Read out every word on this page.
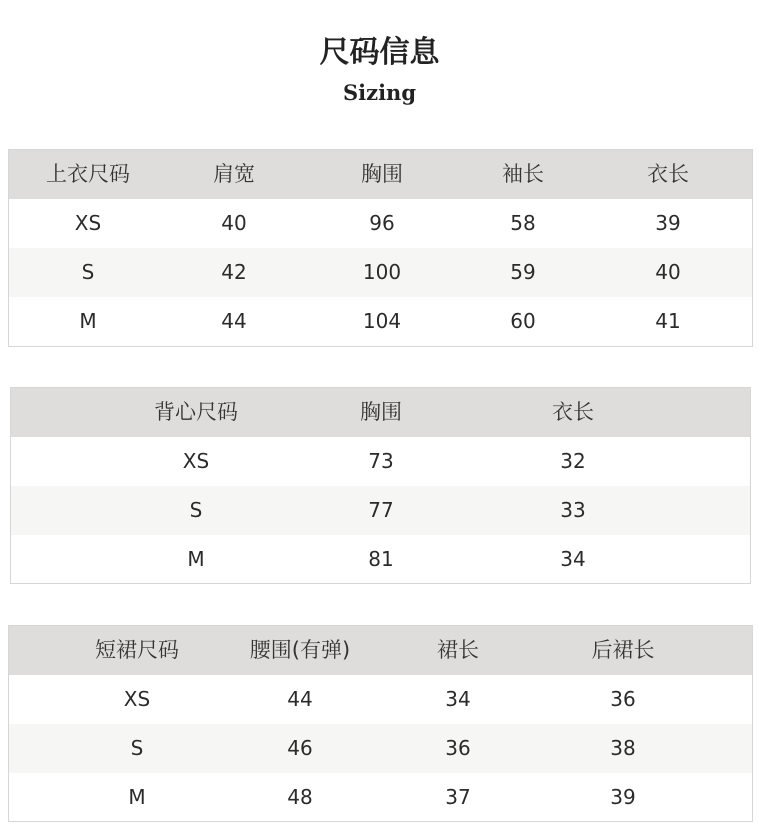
尺码信息
Sizing
上衣尺码	肩宽	胸围	袖长	衣长
XS	40	96	58	39
S	42	100	59	40
M	44	104	60	41
背心尺码	胸围	衣长
XS	73	32
S	77	33
M	81	34
短裙尺码	腰围(有弹)	裙长	后裙长
XS	44	34	36
S	46	36	38
M	48	37	39
